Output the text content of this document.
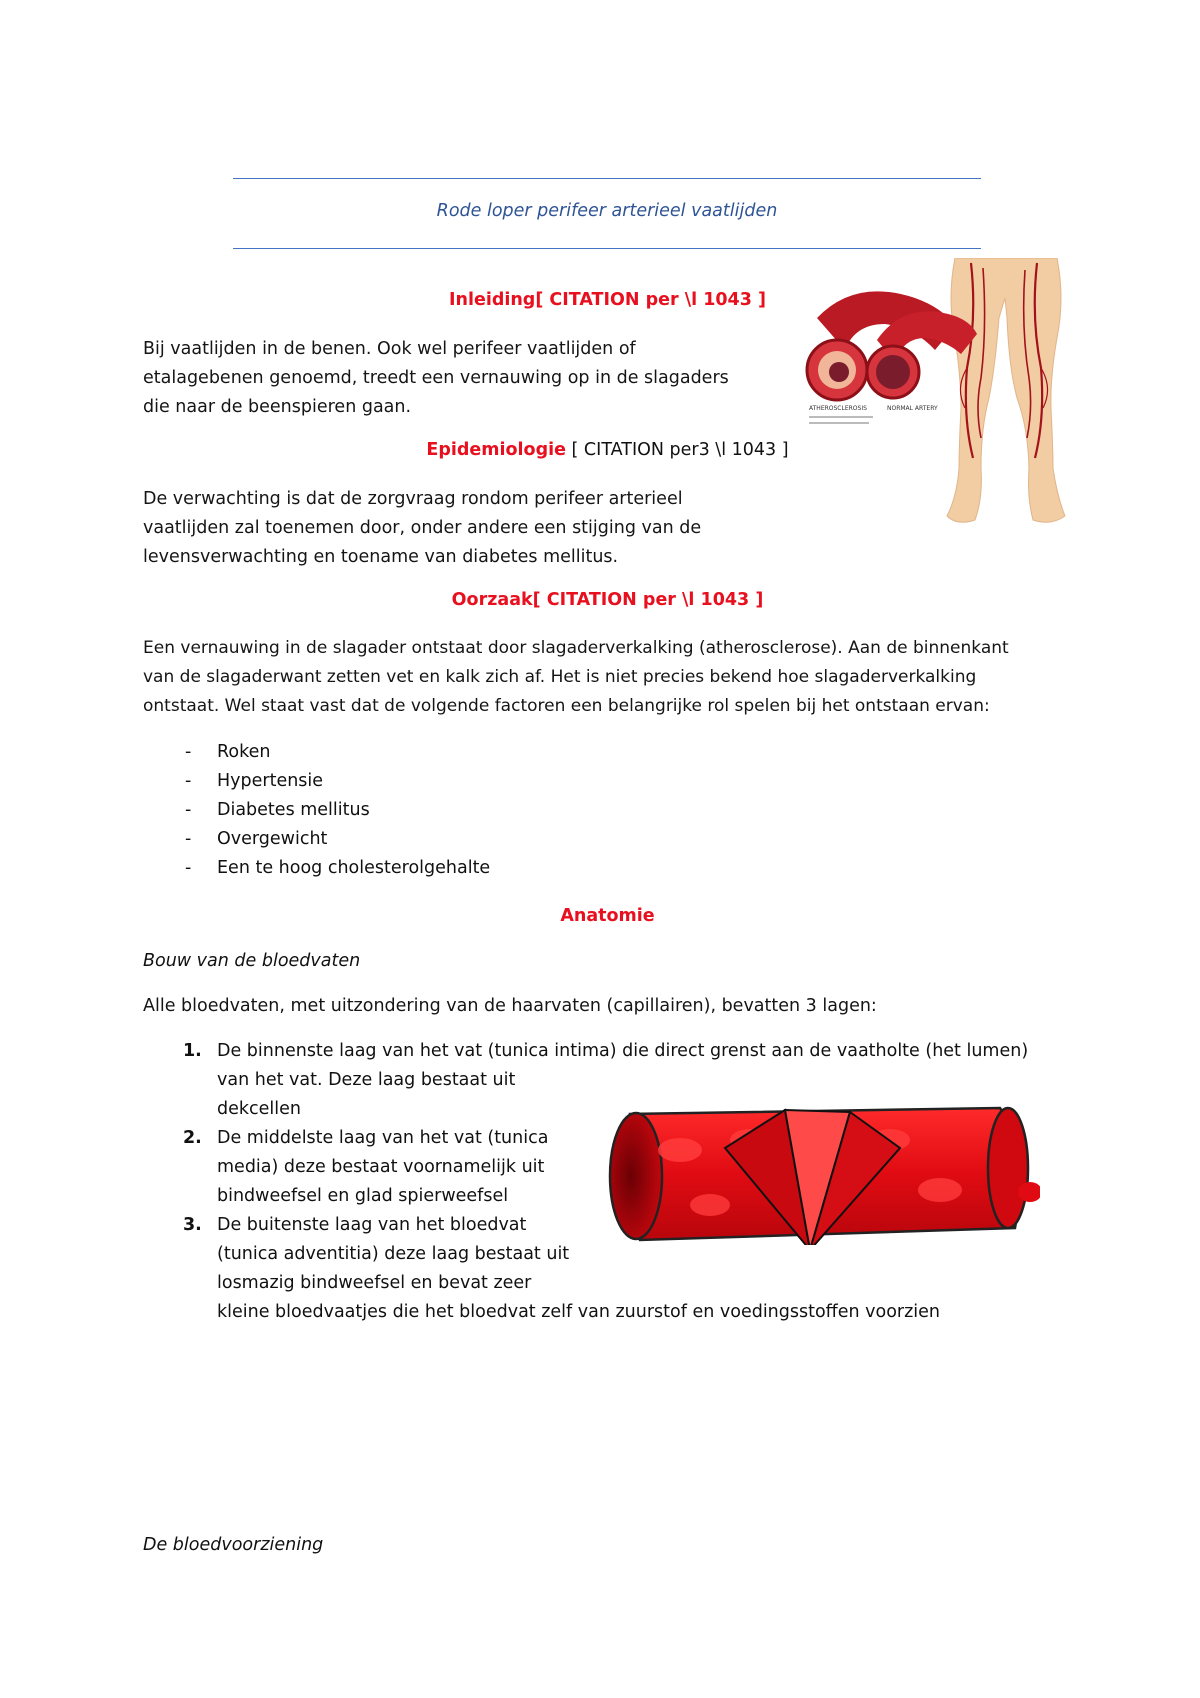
Rode loper perifeer arterieel vaatlijden
ATHEROSCLEROSIS	NORMAL ARTERY
Inleiding[ CITATION per \l 1043 ]
Bij vaatlijden in de benen. Ook wel perifeer vaatlijden of
etalagebenen genoemd, treedt een vernauwing op in de slagaders
die naar de beenspieren gaan.
Epidemiologie [ CITATION per3 \l 1043 ]
De verwachting is dat de zorgvraag rondom perifeer arterieel
vaatlijden zal toenemen door, onder andere een stijging van de
levensverwachting en toename van diabetes mellitus.
Oorzaak[ CITATION per \l 1043 ]
Een vernauwing in de slagader ontstaat door slagaderverkalking (atherosclerose). Aan de binnenkant
van de slagaderwant zetten vet en kalk zich af. Het is niet precies bekend hoe slagaderverkalking
ontstaat. Wel staat vast dat de volgende factoren een belangrijke rol spelen bij het ontstaan ervan:
- Roken
- Hypertensie
- Diabetes mellitus
- Overgewicht
- Een te hoog cholesterolgehalte
Anatomie
Bouw van de bloedvaten
Alle bloedvaten, met uitzondering van de haarvaten (capillairen), bevatten 3 lagen:
1. De binnenste laag van het vat (tunica intima) die direct grenst aan de vaatholte (het lumen)
van het vat. Deze laag bestaat uit
dekcellen
2. De middelste laag van het vat (tunica
media) deze bestaat voornamelijk uit
bindweefsel en glad spierweefsel
3. De buitenste laag van het bloedvat
(tunica adventitia) deze laag bestaat uit
losmazig bindweefsel en bevat zeer
kleine bloedvaatjes die het bloedvat zelf van zuurstof en voedingsstoffen voorzien
De bloedvoorziening
